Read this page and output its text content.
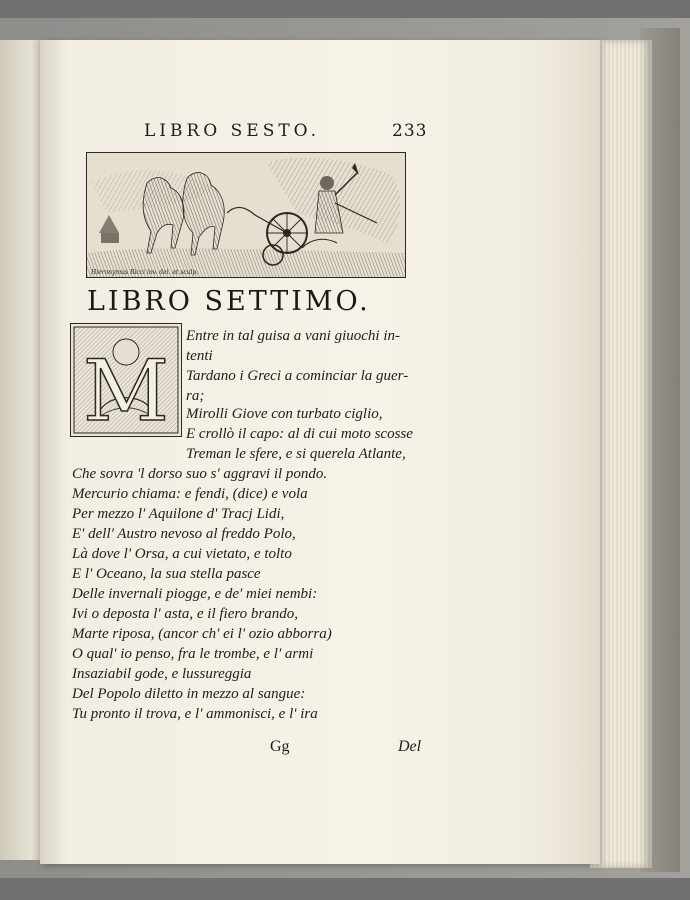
LIBRO SESTO.	233
Hieronymus Ricci inv. del. et sculp.
LIBRO SETTIMO.
M
Entre in tal guisa a vani giuochi in-
tenti
Tardano i Greci a cominciar la guer-
ra;
Mirolli Giove con turbato ciglio,
E crollò il capo: al di cui moto scosse
Treman le sfere, e si querela Atlante,
Che sovra 'l dorso suo s' aggravi il pondo.
Mercurio chiama: e fendi, (dice) e vola
Per mezzo l' Aquilone d' Tracj Lidi,
E' dell' Austro nevoso al freddo Polo,
Là dove l' Orsa, a cui vietato, e tolto
E l' Oceano, la sua stella pasce
Delle invernali piogge, e de' miei nembi:
Ivi o deposta l' asta, e il fiero brando,
Marte riposa, (ancor ch' ei l' ozio abborra)
O qual' io penso, fra le trombe, e l' armi
Insaziabil gode, e lussureggia
Del Popolo diletto in mezzo al sangue:
Tu pronto il trova, e l' ammonisci, e l' ira
Gg	Del
